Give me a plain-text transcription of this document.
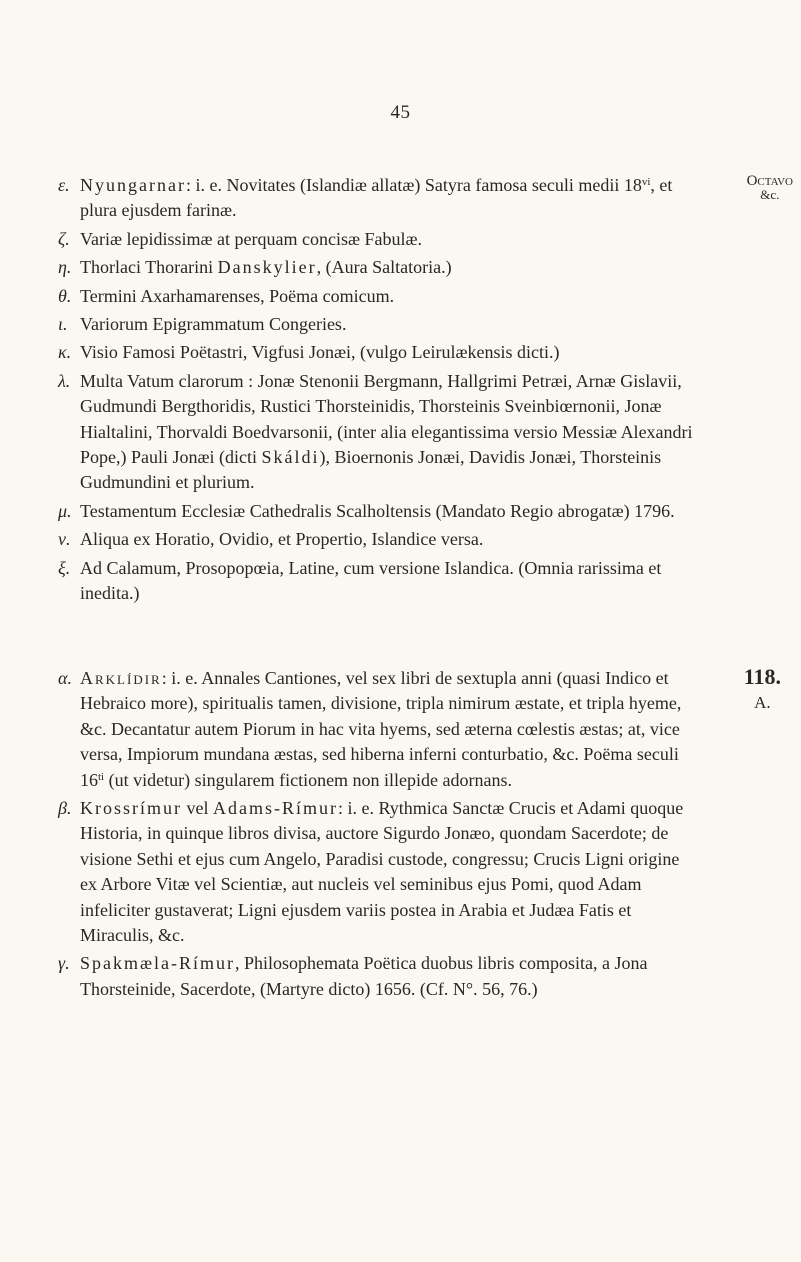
45
Octavo
&c.

ε. Nyungarnar: i. e. Novitates (Islandiæ allatæ) Satyra famosa seculi medii 18$^{vi}$, et plura ejusdem farinæ.

ζ. Variæ lepidissimæ at perquam concisæ Fabulæ.

η. Thorlaci Thorarini Danskylier, (Aura Saltatoria.)

θ. Termini Axarhamarenses, Poëma comicum.

ι. Variorum Epigrammatum Congeries.

κ. Visio Famosi Poëtastri, Vigfusi Jonæi, (vulgo Leirulækensis dicti.)

λ. Multa Vatum clarorum : Jonæ Stenonii Bergmann, Hallgrimi Petræi, Arnæ Gislavii, Gudmundi Bergthoridis, Rustici Thorsteinidis, Thorsteinis Sveinbiœrnonii, Jonæ Hialtalini, Thorvaldi Boedvarsonii, (inter alia elegantissima versio Messiæ Alexandri Pope,) Pauli Jonæi (dicti Skáldi), Bioernonis Jonæi, Davidis Jonæi, Thorsteinis Gudmundini et plurium.

μ. Testamentum Ecclesiæ Cathedralis Scalholtensis (Mandato Regio abrogatæ) 1796.

ν. Aliqua ex Horatio, Ovidio, et Propertio, Islandice versa.

ξ. Ad Calamum, Prosopopœia, Latine, cum versione Islandica. (Omnia rarissima et inedita.)

118.
A.

α. Arklídir: i. e. Annales Cantiones, vel sex libri de sextupla anni (quasi Indico et Hebraico more), spiritualis tamen, divisione, tripla nimirum æstate, et tripla hyeme, &c. Decantatur autem Piorum in hac vita hyems, sed æterna cœlestis æstas; at, vice versa, Impiorum mundana æstas, sed hiberna inferni conturbatio, &c. Poëma seculi $16^{ti}$ (ut videtur) singularem fictionem non illepide adornans.

β. Krossrímur vel Adams-Rímur: i. e. Rythmica Sanctæ Crucis et Adami quoque Historia, in quinque libros divisa, auctore Sigurdo Jonæo, quondam Sacerdote; de visione Sethi et ejus cum Angelo, Paradisi custode, congressu; Crucis Ligni origine ex Arbore Vitæ vel Scientiæ, aut nucleis vel seminibus ejus Pomi, quod Adam infeliciter gustaverat; Ligni ejusdem variis postea in Arabia et Judæa Fatis et Miraculis, &c.

γ. Spakmæla-Rímur, Philosophemata Poëtica duobus libris composita, a Jona Thorsteinide, Sacerdote, (Martyre dicto) 1656. (Cf. N°. 56, 76.)
